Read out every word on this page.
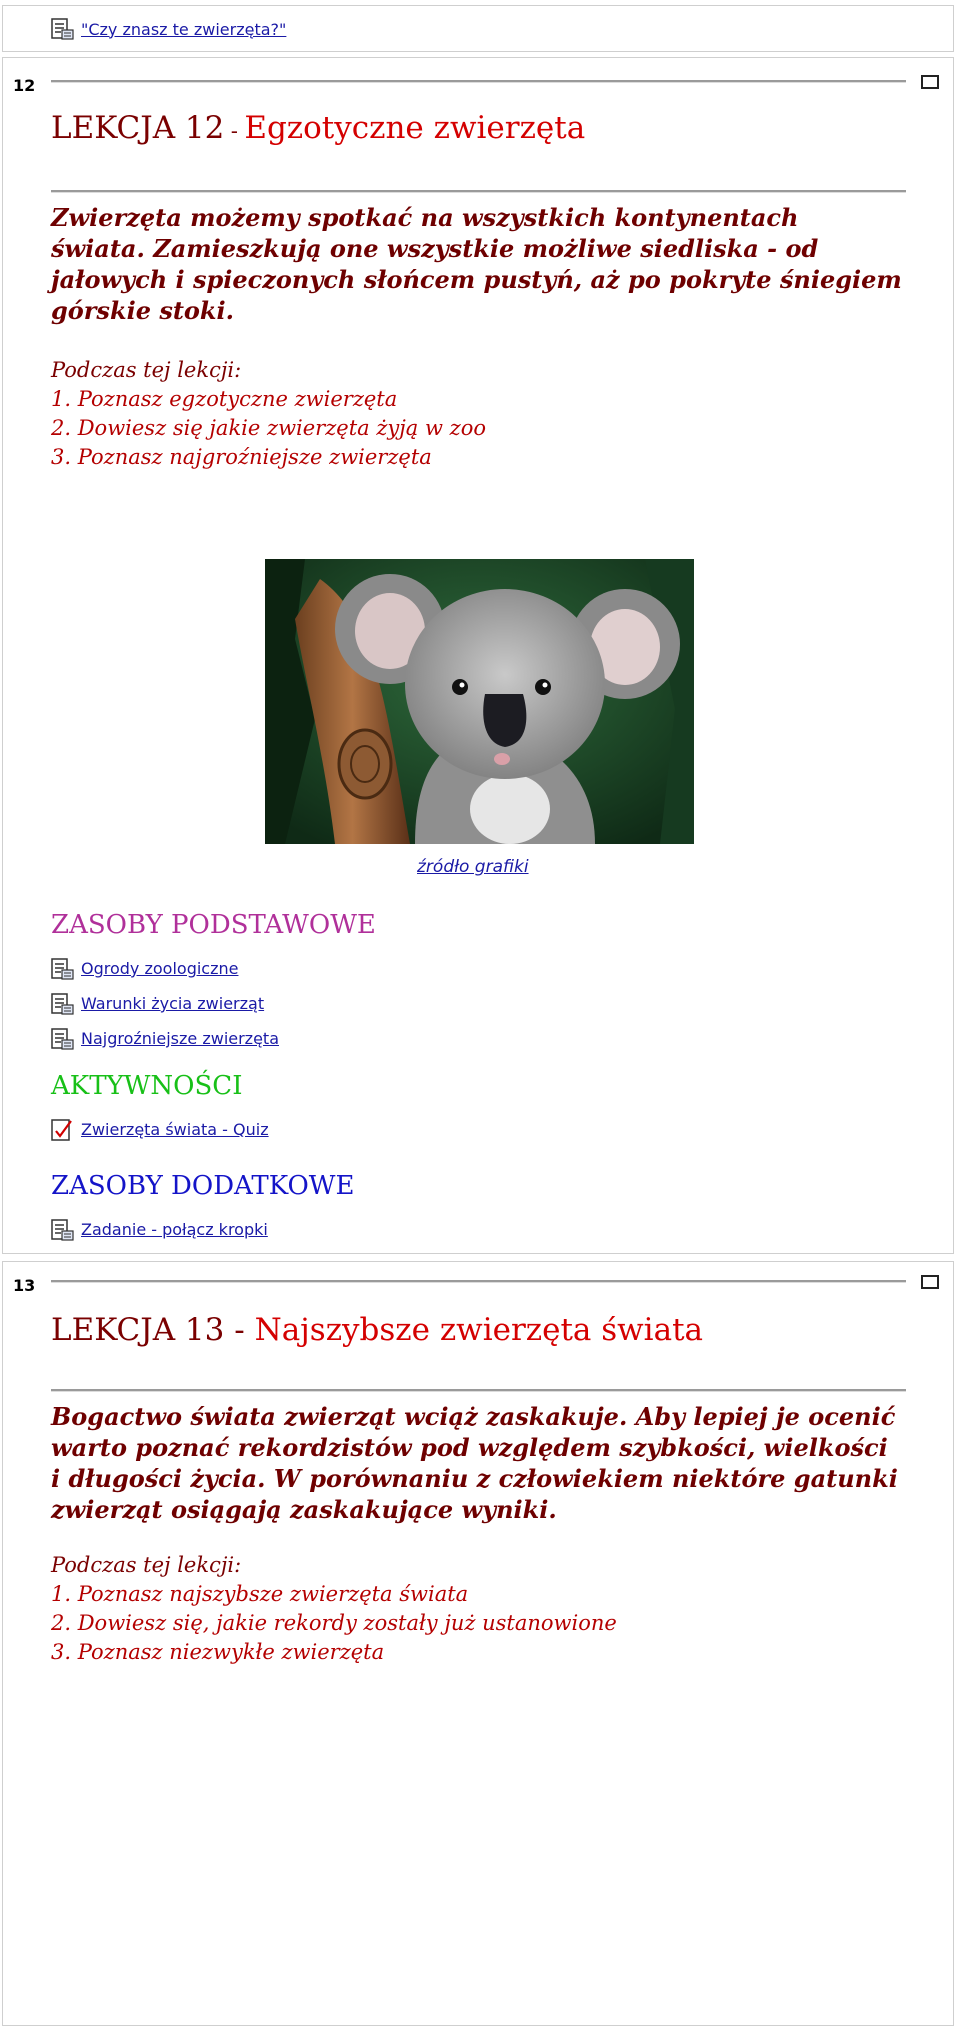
"Czy znasz te zwierzęta?"
12
LEKCJA 12 - Egzotyczne zwierzęta
Zwierzęta możemy spotkać na wszystkich kontynentach
świata. Zamieszkują one wszystkie możliwe siedliska - od
jałowych i spieczonych słońcem pustyń, aż po pokryte śniegiem
górskie stoki.
Podczas tej lekcji:
1. Poznasz egzotyczne zwierzęta
2. Dowiesz się jakie zwierzęta żyją w zoo
3. Poznasz najgroźniejsze zwierzęta
źródło grafiki
ZASOBY PODSTAWOWE
Ogrody zoologiczne
Warunki życia zwierząt
Najgroźniejsze zwierzęta
AKTYWNOŚCI
Zwierzęta świata - Quiz
ZASOBY DODATKOWE
Zadanie - połącz kropki
13
LEKCJA 13 - Najszybsze zwierzęta świata
Bogactwo świata zwierząt wciąż zaskakuje. Aby lepiej je ocenić
warto poznać rekordzistów pod względem szybkości, wielkości
i długości życia. W porównaniu z człowiekiem niektóre gatunki
zwierząt osiągają zaskakujące wyniki.
Podczas tej lekcji:
1. Poznasz najszybsze zwierzęta świata
2. Dowiesz się, jakie rekordy zostały już ustanowione
3. Poznasz niezwykłe zwierzęta
